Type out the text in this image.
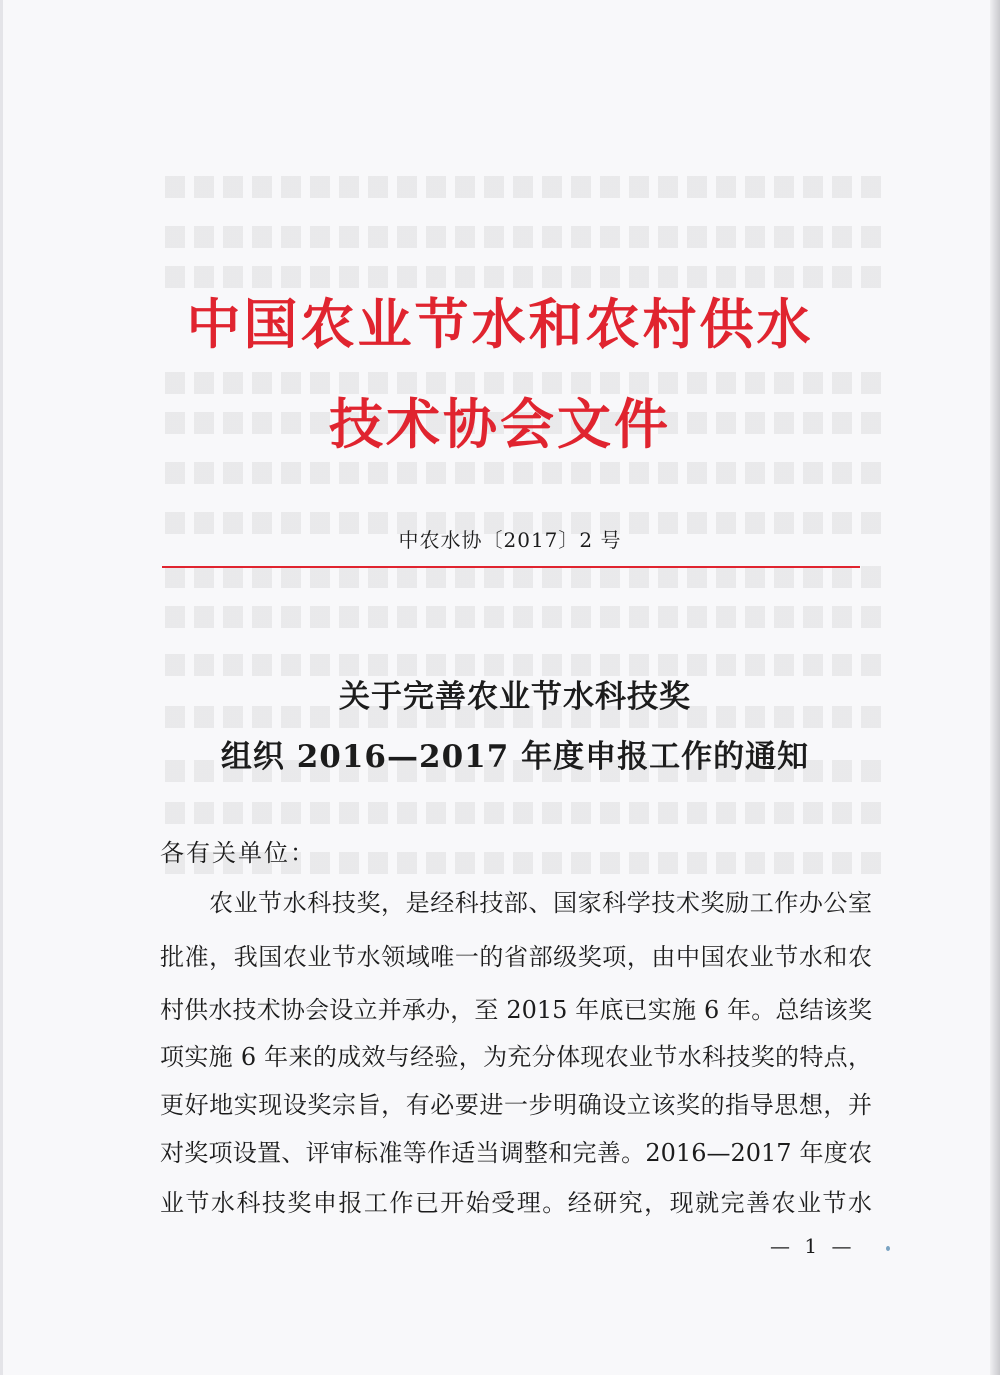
中国农业节水和农村供水
技术协会文件
中农水协〔2017〕2 号
关于完善农业节水科技奖
组织 2016—2017 年度申报工作的通知
各有关单位：
农业节水科技奖，是经科技部、国家科学技术奖励工作办公室
批准，我国农业节水领域唯一的省部级奖项，由中国农业节水和农
村供水技术协会设立并承办，至 2015 年底已实施 6 年。总结该奖
项实施 6 年来的成效与经验，为充分体现农业节水科技奖的特点，
更好地实现设奖宗旨，有必要进一步明确设立该奖的指导思想，并
对奖项设置、评审标准等作适当调整和完善。2016—2017 年度农
业节水科技奖申报工作已开始受理。经研究，现就完善农业节水
— 1 —
